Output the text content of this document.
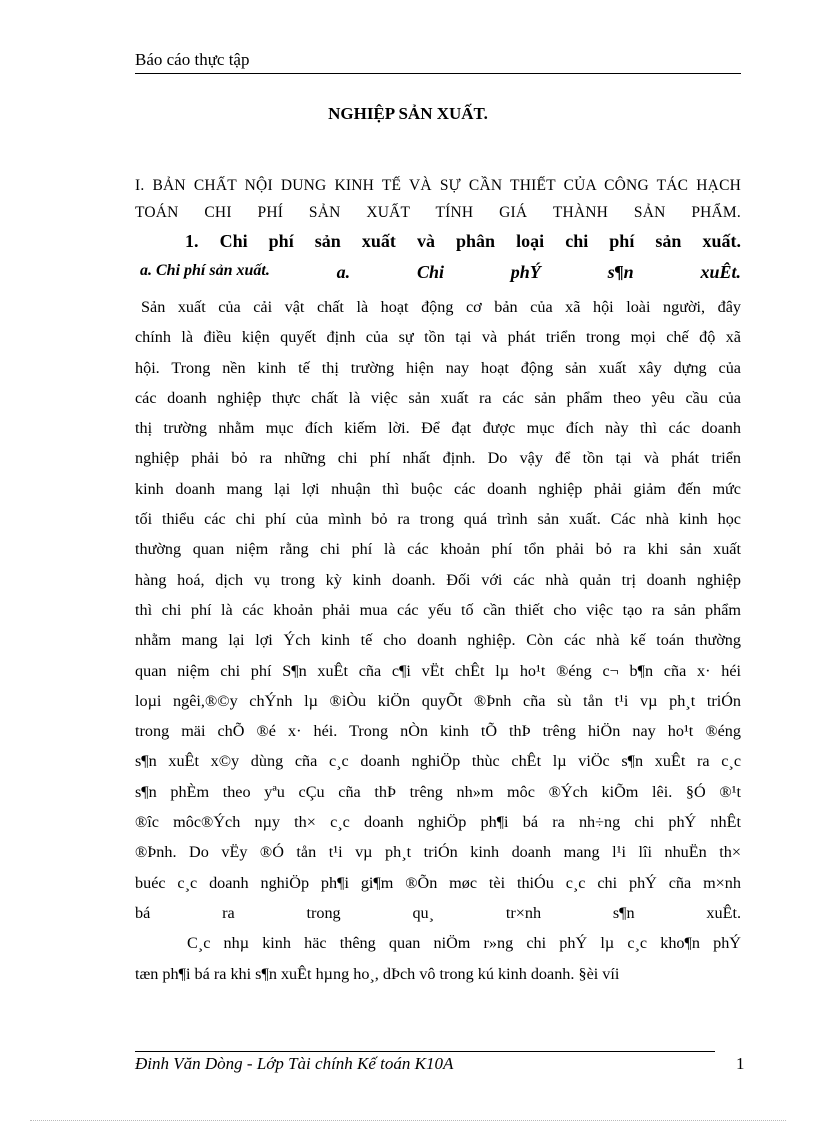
Báo cáo thực tập
NGHIỆP SẢN XUẤT.
I. BẢN CHẤT NỘI DUNG KINH TẾ VÀ SỰ CẦN THIẾT CỦA CÔNG TÁC HẠCH
TOÁN CHI PHÍ SẢN XUẤT TÍNH GIÁ THÀNH SẢN PHẨM.
1. Chi phí sản xuất và phân loại chi phí sản xuất.
a. Chi phí sản xuất.	a.	Chi	phÝ	s¶n	xuÊt.
Sản xuất của cải vật chất là hoạt động cơ bản của xã hội loài người, đây
chính là điều kiện quyết định của sự tồn tại và phát triển trong mọi chế độ xã
hội. Trong nền kinh tế thị trường hiện nay hoạt động sản xuất xây dựng của
các doanh nghiệp thực chất là việc sản xuất ra các sản phẩm theo yêu cầu của
thị trường nhằm mục đích kiếm lời. Để đạt được mục đích này thì các doanh
nghiệp phải bỏ ra những chi phí nhất định. Do vậy để tồn tại và phát triển
kinh doanh mang lại lợi nhuận thì buộc các doanh nghiệp phải giảm đến mức
tối thiểu các chi phí của mình bỏ ra trong quá trình sản xuất. Các nhà kinh học
thường quan niệm rằng chi phí là các khoản phí tổn phải bỏ ra khi sản xuất
hàng hoá, dịch vụ trong kỳ kinh doanh. Đối với các nhà quản trị doanh nghiệp
thì chi phí là các khoản phải mua các yếu tố cần thiết cho việc tạo ra sản phẩm
nhằm mang lại lợi Ých kinh tế cho doanh nghiệp. Còn các nhà kế toán thường
quan niệm chi phí S¶n xuÊt cña c¶i vËt chÊt lµ ho¹t ®éng c¬ b¶n cña x· héi
loµi ngêi,®©y chÝnh lµ ®iÒu kiÖn quyÕt ®Þnh cña sù tån t¹i vµ ph¸t triÓn
trong mäi chÕ ®é x· héi. Trong nÒn kinh tÕ thÞ trêng hiÖn nay ho¹t ®éng
s¶n xuÊt x©y dùng cña c¸c doanh nghiÖp thùc chÊt lµ viÖc s¶n xuÊt ra c¸c
s¶n phÈm theo yªu cÇu cña thÞ trêng nh»m môc ®Ých kiÕm lêi. §Ó ®¹t
®îc môc®Ých nµy th× c¸c doanh nghiÖp ph¶i bá ra nh÷ng chi phÝ nhÊt
®Þnh. Do vËy ®Ó tån t¹i vµ ph¸t triÓn kinh doanh mang l¹i lîi nhuËn th×
buéc c¸c doanh nghiÖp ph¶i gi¶m ®Õn møc tèi thiÓu c¸c chi phÝ cña m×nh
bá ra trong qu¸ tr×nh s¶n xuÊt.
C¸c nhµ kinh häc thêng quan niÖm r»ng chi phÝ lµ c¸c kho¶n phÝ
tæn ph¶i bá ra khi s¶n xuÊt hµng ho¸, dÞch vô trong kú kinh doanh. §èi víi
Đinh Văn Dòng - Lớp Tài chính Kế toán K10A	1
